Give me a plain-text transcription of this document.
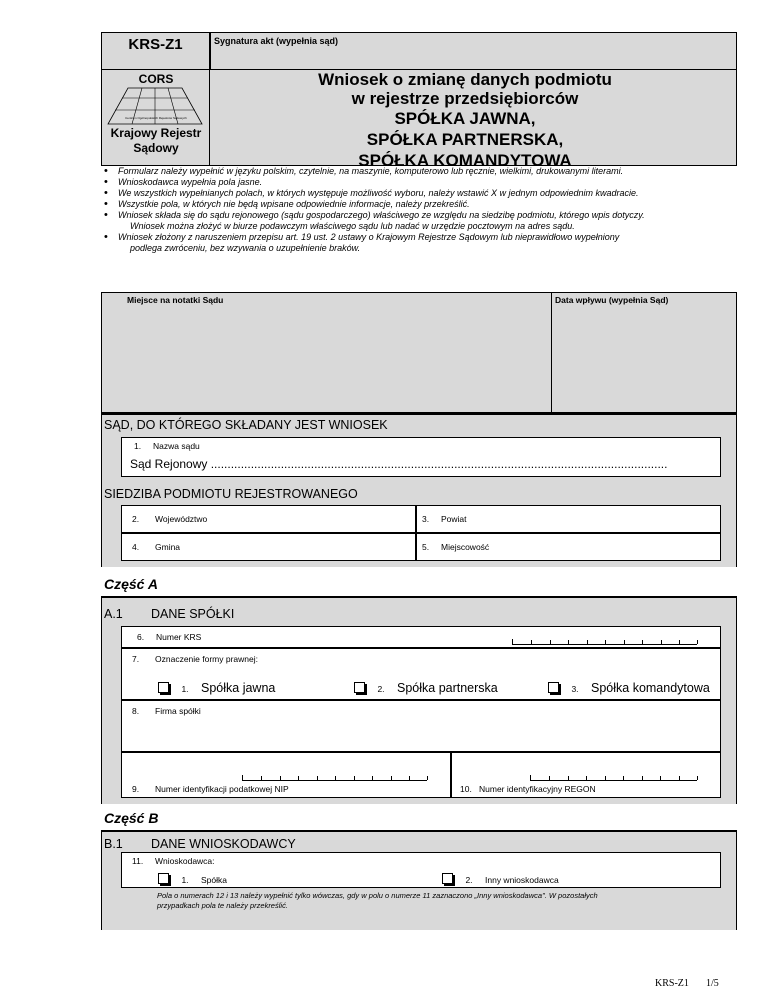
KRS-Z1	Sygnatura akt (wypełnia sąd)
CORS
Centrum Ogólnopolskich Rejestrów Sądowych
Krajowy Rejestr
Sądowy
Wniosek o zmianę danych podmiotu
w rejestrze przedsiębiorców
SPÓŁKA JAWNA,
SPÓŁKA PARTNERSKA,
SPÓŁKA KOMANDYTOWA
• Formularz należy wypełnić w języku polskim, czytelnie, na maszynie, komputerowo lub ręcznie, wielkimi, drukowanymi literami.
• Wnioskodawca wypełnia pola jasne.
• We wszystkich wypełnianych polach, w których występuje możliwość wyboru, należy wstawić X w jednym odpowiednim kwadracie.
• Wszystkie pola, w których nie będą wpisane odpowiednie informacje, należy przekreślić.
• Wniosek składa się do sądu rejonowego (sądu gospodarczego) właściwego ze względu na siedzibę podmiotu, którego wpis dotyczy.
Wniosek można złożyć w biurze podawczym właściwego sądu lub nadać w urzędzie pocztowym na adres sądu.
• Wniosek złożony z naruszeniem przepisu art. 19 ust. 2 ustawy o Krajowym Rejestrze Sądowym lub nieprawidłowo wypełniony
podlega zwróceniu, bez wzywania o uzupełnienie braków.
Miejsce na notatki Sądu	Data wpływu (wypełnia Sąd)
SĄD, DO KTÓREGO SKŁADANY JEST WNIOSEK
1. Nazwa sądu
Sąd Rejonowy .........................................................................................................................................
SIEDZIBA PODMIOTU REJESTROWANEGO
2. Województwo	3. Powiat
4. Gmina	5. Miejscowość
Część A
A.1 DANE SPÓŁKI
6. Numer KRS
7. Oznaczenie formy prawnej:
1. Spółka jawna	2. Spółka partnerska	3. Spółka komandytowa
8. Firma spółki
9. Numer identyfikacji podatkowej NIP	10. Numer identyfikacyjny REGON
Część B
B.1 DANE WNIOSKODAWCY
11. Wnioskodawca:
1. Spółka	2. Inny wnioskodawca
Pola o numerach 12 i 13 należy wypełnić tylko wówczas, gdy w polu o numerze 11 zaznaczono „Inny wnioskodawca". W pozostałych
przypadkach pola te należy przekreślić.
KRS-Z1 1/5
